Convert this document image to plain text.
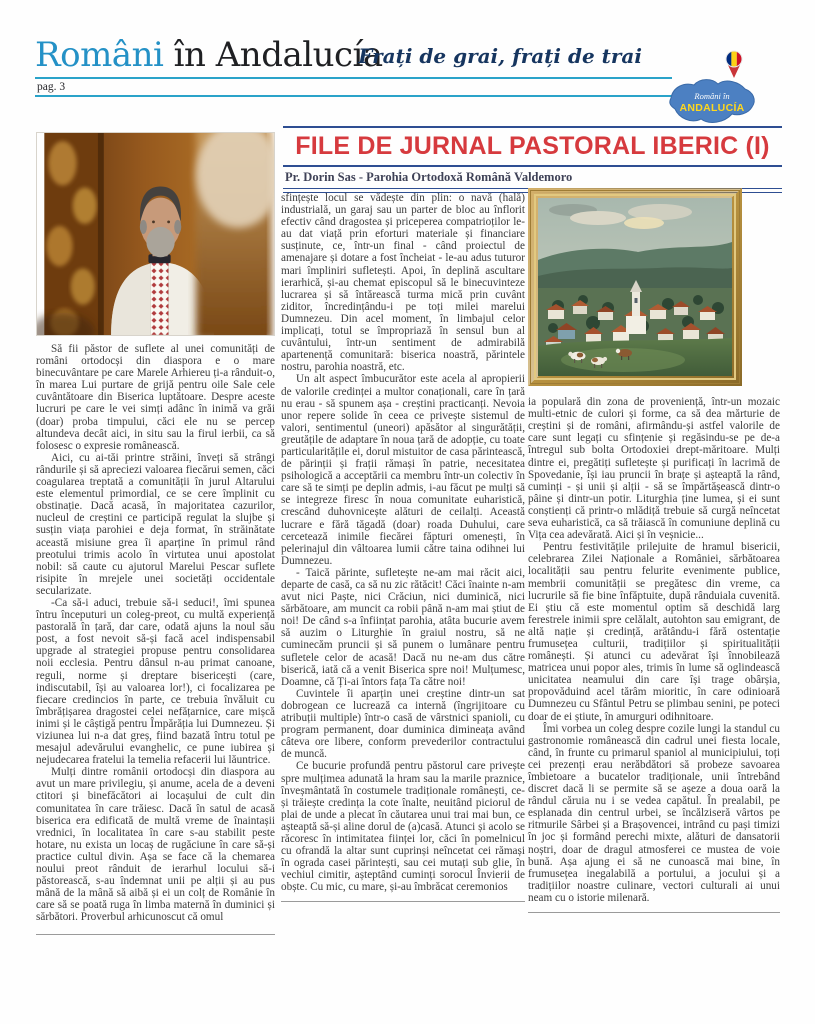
Români în Andalucía
pag. 3
Frați de grai, frați de trai
Români în
ANDALUCÍA
FILE DE JURNAL PASTORAL IBERIC (I)
Pr. Dorin Sas - Parohia Ortodoxă Română Valdemoro

Să fii păstor de suflete al unei comunități de români ortodocși din diaspora e o mare binecuvântare pe care Marele Arhiereu ți-a rânduit-o, în marea Lui purtare de grijă pentru oile Sale cele cuvântătoare din Biserica luptătoare. Despre aceste lucruri pe care le vei simți adânc în inimă va grăi (doar) proba timpului, căci ele nu se percep altundeva decât aici, in situ sau la firul ierbii, ca să folosesc o expresie românească.

Aici, cu ai-tăi printre străini, înveți să strângi rândurile și să apreciezi valoarea fiecărui semen, căci coagularea treptată a comunității în jurul Altarului este elementul primordial, ce se cere împlinit cu obstinație. Dacă acasă, în majoritatea cazurilor, nucleul de creștini ce participă regulat la slujbe și susțin viața parohiei e deja format, în străinătate această misiune grea îi aparține în primul rând preotului trimis acolo în virtutea unui apostolat nobil: să caute cu ajutorul Marelui Pescar suflete risipite în mrejele unei societăți occidentale secularizate.

-Ca să-i aduci, trebuie să-i seduci!, îmi spunea întru începuturi un coleg-preot, cu multă experiență pastorală în țară, dar care, odată ajuns la noul său post, a fost nevoit să-și facă acel indispensabil upgrade al strategiei propuse pentru consolidarea noii ecclesia. Pentru dânsul n-au primat canoane, reguli, norme și dreptare bisericești (care, indiscutabil, își au valoarea lor!), ci focalizarea pe fiecare credincios în parte, ce trebuia învăluit cu îmbrățișarea dragostei celei nefățarnice, care mișcă inimi și le câștigă pentru Împărăția lui Dumnezeu. Și viziunea lui n-a dat greș, fiind bazată întru totul pe mesajul adevărului evanghelic, ce pune iubirea și nejudecarea fratelui la temelia refacerii lui lăuntrice.

Mulți dintre românii ortodocși din diaspora au avut un mare privilegiu, și anume, acela de a deveni ctitori și binefăcători ai locașului de cult din comunitatea în care trăiesc. Dacă în satul de acasă biserica era edificată de multă vreme de înaintașii vrednici, în localitatea în care s-au stabilit peste hotare, nu exista un locaș de rugăciune în care să-și practice cultul divin. Așa se face că la chemarea noului preot rânduit de ierarhul locului să-i păstorească, s-au îndemnat unii pe alții și au pus mână de la mână să aibă și ei un colț de Românie în care să se poată ruga în limba maternă în duminici și sărbători. Proverbul arhicunoscut că omul

sfințește locul se vădește din plin: o navă (hală) industrială, un garaj sau un parter de bloc au înflorit efectiv când dragostea și priceperea compatrioților le-au dat viață prin eforturi materiale și financiare susținute, ce, într-un final - când proiectul de amenajare și dotare a fost încheiat - le-au adus tuturor mari împliniri sufletești. Apoi, în deplină ascultare ierarhică, și-au chemat episcopul să le binecuvinteze lucrarea și să întărească turma mică prin cuvânt ziditor, încredințându-i pe toți milei marelui Dumnezeu. Din acel moment, în limbajul celor implicați, totul se împropriază în sensul bun al cuvântului, într-un sentiment de admirabilă apartenență comunitară: biserica noastră, părintele nostru, parohia noastră, etc.

Un alt aspect îmbucurător este acela al apropierii de valorile credinței a multor conaționali, care în țară nu erau - să spunem așa - creștini practicanți. Nevoia unor repere solide în ceea ce privește sistemul de valori, sentimentul (uneori) apăsător al singurătății, greutățile de adaptare în noua țară de adopție, cu toate particularitățile ei, dorul mistuitor de casa părintească, de părinții și frații rămași în patrie, necesitatea psihologică a acceptării ca membru într-un colectiv în care să te simți pe deplin admis, i-au făcut pe mulți să se integreze firesc în noua comunitate euharistică, crescând duhovnicește alături de ceilalți. Această lucrare e fără tăgadă (doar) roada Duhului, care cercetează inimile fiecărei făpturi omenești, în pelerinajul din vâltoarea lumii către taina odihnei lui Dumnezeu.

- Taică părinte, sufletește ne-am mai răcit aici, departe de casă, ca să nu zic rătăcit! Căci înainte n-am avut nici Paște, nici Crăciun, nici duminică, nici sărbătoare, am muncit ca robii până n-am mai știut de noi! De când s-a înființat parohia, atâta bucurie avem să auzim o Liturghie în graiul nostru, să ne cuminecăm pruncii și să punem o lumânare pentru sufletele celor de acasă! Dacă nu ne-am dus către biserică, iată că a venit Biserica spre noi! Mulțumesc, Doamne, că Ți-ai întors fața Ta către noi!

Cuvintele îi aparțin unei creștine dintr-un sat dobrogean ce lucrează ca internă (îngrijitoare cu atribuții multiple) într-o casă de vârstnici spanioli, cu program permanent, doar duminica dimineața având câteva ore libere, conform prevederilor contractului de muncă.

Ce bucurie profundă pentru păstorul care privește spre mulțimea adunată la hram sau la marile praznice, înveșmântată în costumele tradiționale românești, ce-și trăiește credința la cote înalte, neuitând piciorul de plai de unde a plecat în căutarea unui trai mai bun, ce așteaptă să-și aline dorul de (a)casă. Atunci și acolo se răcoresc în intimitatea ființei lor, căci în pomelnicul cu ofrandă la altar sunt cuprinși neîncetat cei rămași în ograda casei părintești, sau cei mutați sub glie, în vechiul cimitir, așteptând cuminți sorocul Învierii de obște. Cu mic, cu mare, și-au îmbrăcat ceremonios

ia populară din zona de proveniență, într-un mozaic multi-etnic de culori și forme, ca să dea mărturie de creștini și de români, afirmându-și astfel valorile de care sunt legați cu sfințenie și regăsindu-se pe de-a întregul sub bolta Ortodoxiei drept-măritoare. Mulți dintre ei, pregătiți sufletește și purificați în lacrimă de Spovedanie, își iau pruncii în brațe și așteaptă la rând, cuminți - și unii și alții - să se împărtășească dintr-o pâine și dintr-un potir. Liturghia ține lumea, și ei sunt conștienți că printr-o mlădiță trebuie să curgă neîncetat seva euharistică, ca să trăiască în comuniune deplină cu Vița cea adevărată. Aici și în veșnicie...

Pentru festivitățile prilejuite de hramul bisericii, celebrarea Zilei Naționale a României, sărbătoarea localității sau pentru felurite evenimente publice, membrii comunității se pregătesc din vreme, ca lucrurile să fie bine înfăptuite, după rânduiala cuvenită. Ei știu că este momentul optim să deschidă larg ferestrele inimii spre celălalt, autohton sau emigrant, de altă nație și credință, arătându-i fără ostentație frumusețea culturii, tradițiilor și spiritualității românești. Și atunci cu adevărat își înnobilează matricea unui popor ales, trimis în lume să oglindească unicitatea neamului din care își trage obârșia, propovăduind acel tărâm mioritic, în care odinioară Dumnezeu cu Sfântul Petru se plimbau senini, pe poteci doar de ei știute, în amurguri odihnitoare.

Îmi vorbea un coleg despre cozile lungi la standul cu gastronomie românească din cadrul unei fiesta locale, când, în frunte cu primarul spaniol al municipiului, toți cei prezenți erau nerăbdători să probeze savoarea îmbietoare a bucatelor tradiționale, unii întrebând discret dacă li se permite să se așeze a doua oară la rândul căruia nu i se vedea capătul. În prealabil, pe esplanada din centrul urbei, se încălziseră vârtos pe ritmurile Sârbei și a Brașovencei, intrând cu pași timizi în joc și formând perechi mixte, alături de dansatorii noștri, doar de dragul atmosferei ce mustea de voie bună. Așa ajung ei să ne cunoască mai bine, în frumusețea inegalabilă a portului, a jocului și a tradițiilor noastre culinare, vectori culturali ai unui neam cu o istorie milenară.
